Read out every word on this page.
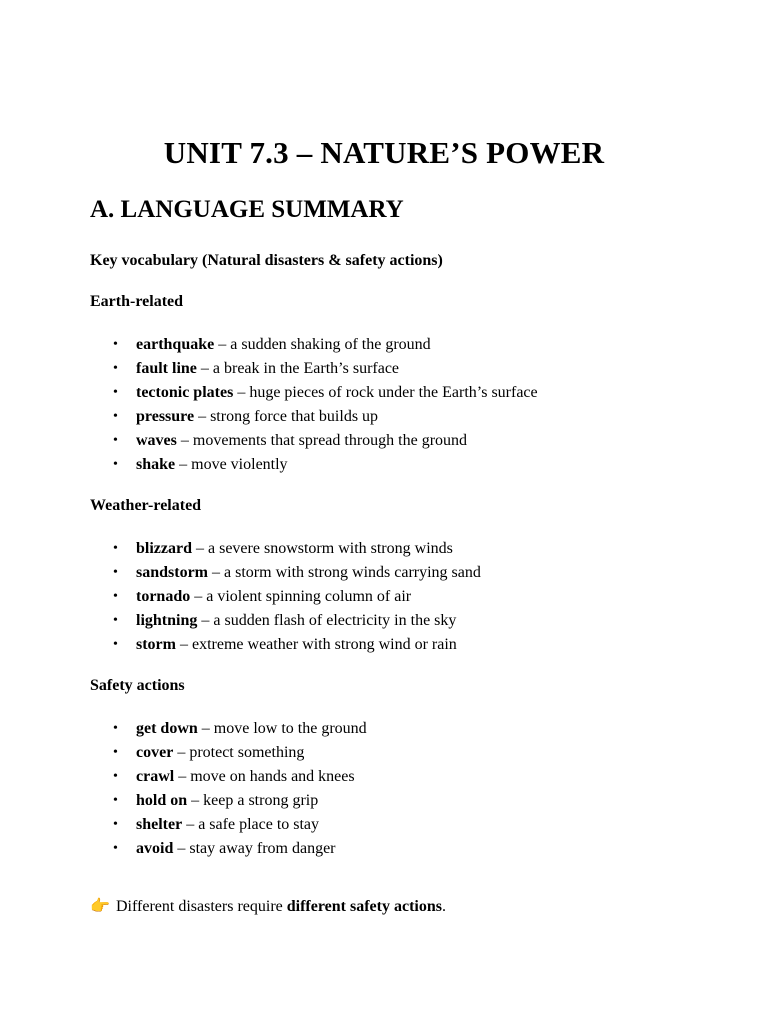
UNIT 7.3 – NATURE’S POWER
A. LANGUAGE SUMMARY

Key vocabulary (Natural disasters & safety actions)

Earth-related

• earthquake – a sudden shaking of the ground
• fault line – a break in the Earth’s surface
• tectonic plates – huge pieces of rock under the Earth’s surface
• pressure – strong force that builds up
• waves – movements that spread through the ground
• shake – move violently

Weather-related

• blizzard – a severe snowstorm with strong winds
• sandstorm – a storm with strong winds carrying sand
• tornado – a violent spinning column of air
• lightning – a sudden flash of electricity in the sky
• storm – extreme weather with strong wind or rain

Safety actions

• get down – move low to the ground
• cover – protect something
• crawl – move on hands and knees
• hold on – keep a strong grip
• shelter – a safe place to stay
• avoid – stay away from danger

👉 Different disasters require different safety actions.
